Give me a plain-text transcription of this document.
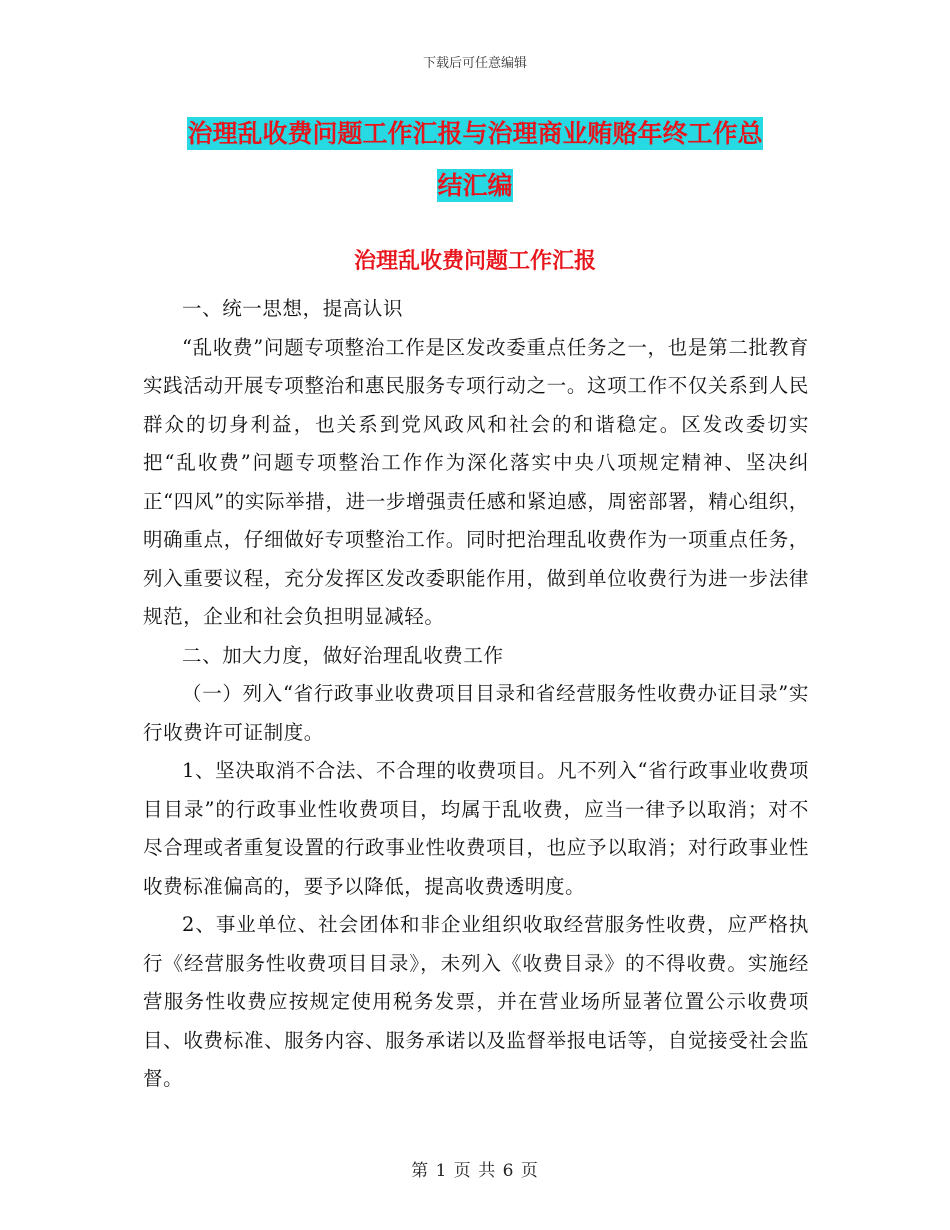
下载后可任意编辑
治理乱收费问题工作汇报与治理商业贿赂年终工作总
结汇编
治理乱收费问题工作汇报

一、统一思想，提高认识

“乱收费”问题专项整治工作是区发改委重点任务之一，也是第二批教育实践活动开展专项整治和惠民服务专项行动之一。这项工作不仅关系到人民群众的切身利益，也关系到党风政风和社会的和谐稳定。区发改委切实把“乱收费”问题专项整治工作作为深化落实中央八项规定精神、坚决纠正“四风”的实际举措，进一步增强责任感和紧迫感，周密部署，精心组织，明确重点，仔细做好专项整治工作。同时把治理乱收费作为一项重点任务，列入重要议程，充分发挥区发改委职能作用，做到单位收费行为进一步法律规范，企业和社会负担明显减轻。

二、加大力度，做好治理乱收费工作

（一）列入“省行政事业收费项目目录和省经营服务性收费办证目录”实行收费许可证制度。

1、坚决取消不合法、不合理的收费项目。凡不列入“省行政事业收费项目目录”的行政事业性收费项目，均属于乱收费，应当一律予以取消；对不尽合理或者重复设置的行政事业性收费项目，也应予以取消；对行政事业性收费标准偏高的，要予以降低，提高收费透明度。

2、事业单位、社会团体和非企业组织收取经营服务性收费，应严格执行《经营服务性收费项目目录》，未列入《收费目录》的不得收费。实施经营服务性收费应按规定使用税务发票，并在营业场所显著位置公示收费项目、收费标准、服务内容、服务承诺以及监督举报电话等，自觉接受社会监督。

第 1 页 共 6 页
